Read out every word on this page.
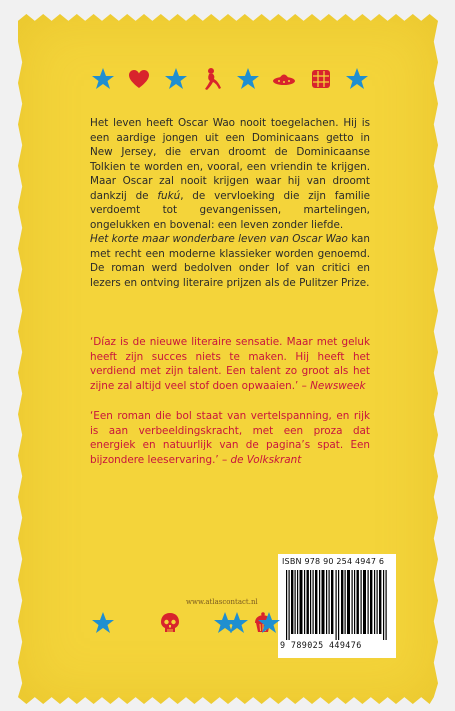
Het leven heeft Oscar Wao nooit toegelachen. Hij is een aardige jongen uit een Dominicaans getto in New Jersey, die ervan droomt de Dominicaanse Tolkien te worden en, vooral, een vriendin te krijgen. Maar Oscar zal nooit krijgen waar hij van droomt dankzij de fukú, de vervloeking die zijn familie verdoemt tot gevangenissen, martelingen, ongelukken en bovenal: een leven zonder liefde.

Het korte maar wonderbare leven van Oscar Wao kan met recht een moderne klassieker worden genoemd. De roman werd bedolven onder lof van critici en lezers en ontving literaire prijzen als de Pulitzer Prize.

‘Díaz is de nieuwe literaire sensatie. Maar met geluk heeft zijn succes niets te maken. Hij heeft het verdiend met zijn talent. Een talent zo groot als het zijne zal altijd veel stof doen opwaaien.’ – Newsweek

‘Een roman die bol staat van vertelspanning, en rijk is aan verbeeldingskracht, met een proza dat energiek en natuurlijk van de pagina’s spat. Een bijzondere leeservaring.’ – de Volkskrant

ISBN 978 90 254 4947 6
9 789025 449476
www.atlascontact.nl
